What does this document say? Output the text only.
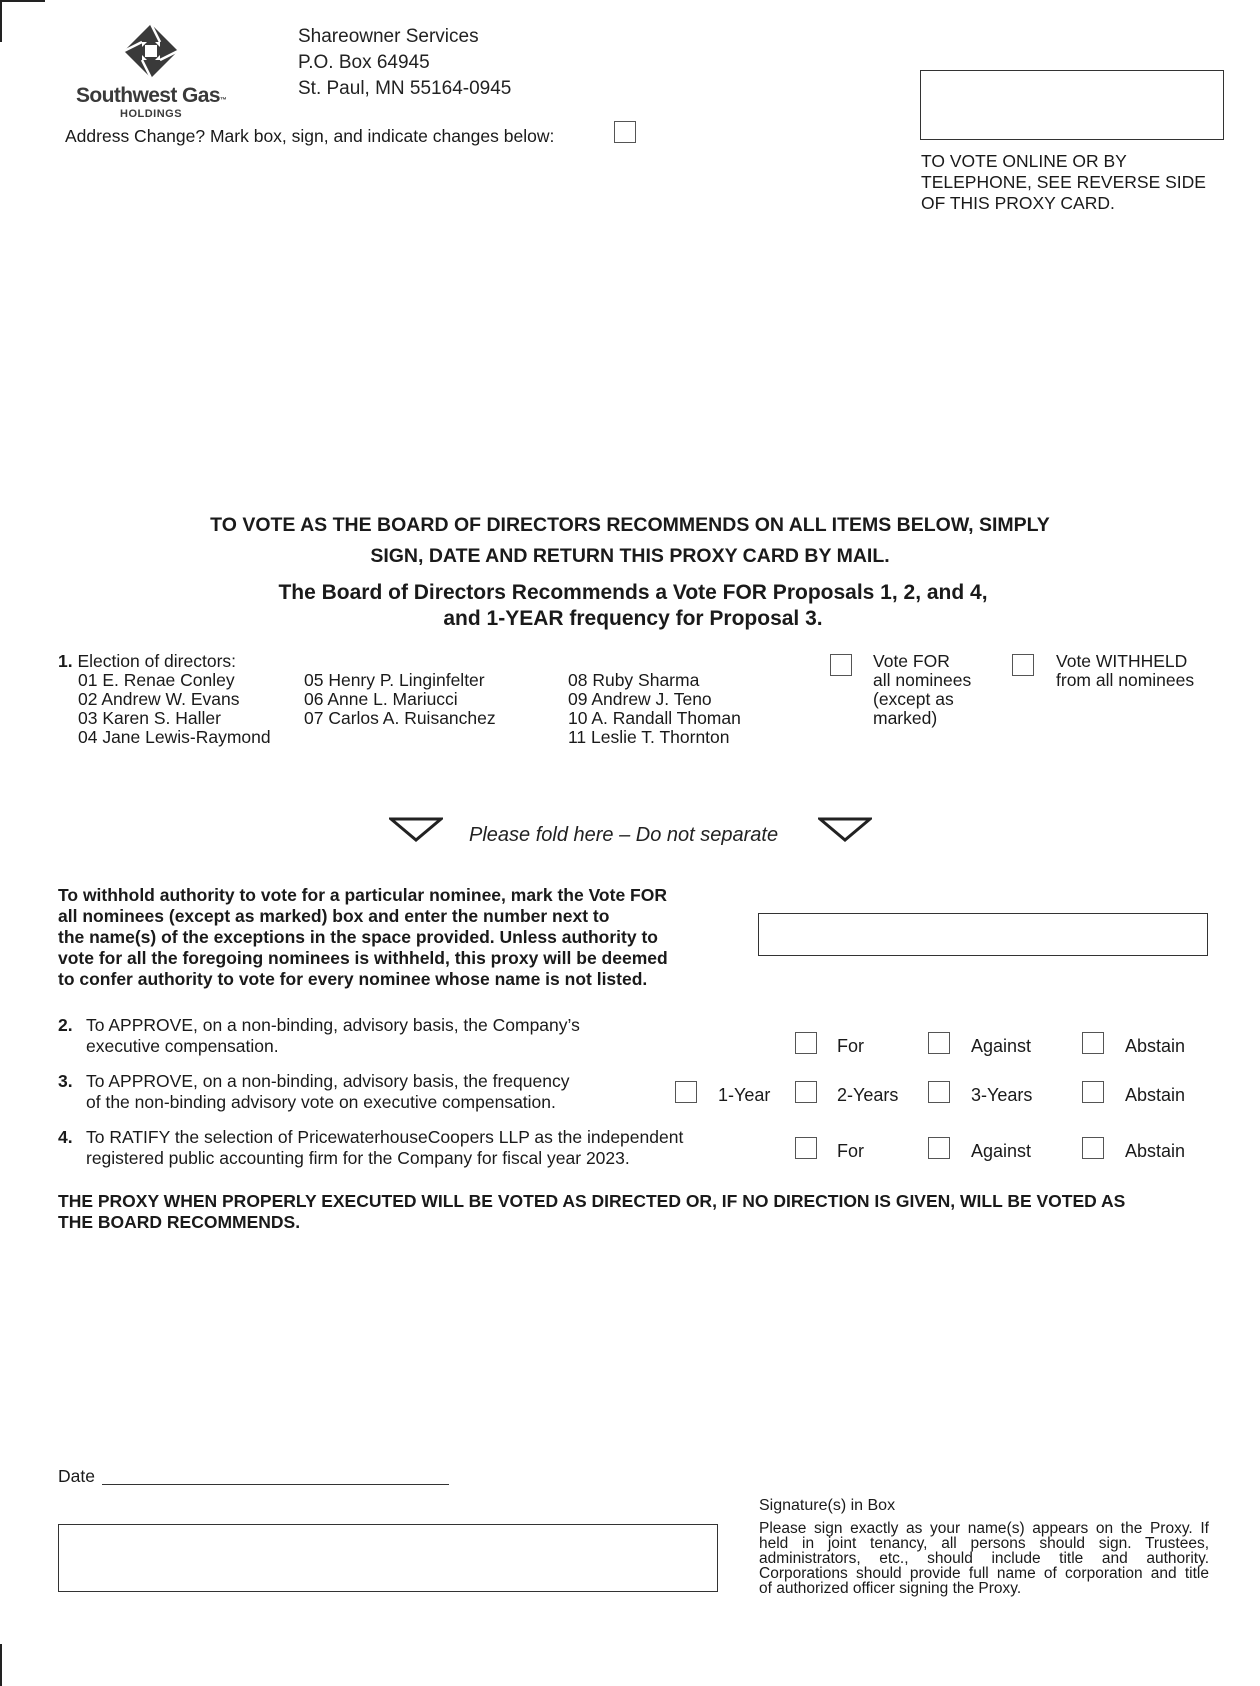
Southwest Gas™
HOLDINGS
Shareowner Services
P.O. Box 64945
St. Paul, MN 55164-0945
Address Change? Mark box, sign, and indicate changes below:
TO VOTE ONLINE OR BY
TELEPHONE, SEE REVERSE SIDE
OF THIS PROXY CARD.
TO VOTE AS THE BOARD OF DIRECTORS RECOMMENDS ON ALL ITEMS BELOW, SIMPLY
SIGN, DATE AND RETURN THIS PROXY CARD BY MAIL.
The Board of Directors Recommends a Vote FOR Proposals 1, 2, and 4,
and 1-YEAR frequency for Proposal 3.
1. Election of directors:
01 E. Renae Conley
02 Andrew W. Evans
03 Karen S. Haller
04 Jane Lewis-Raymond
05 Henry P. Linginfelter
06 Anne L. Mariucci
07 Carlos A. Ruisanchez
08 Ruby Sharma
09 Andrew J. Teno
10 A. Randall Thoman
11 Leslie T. Thornton
Vote FOR
all nominees
(except as
marked)
Vote WITHHELD
from all nominees
Please fold here – Do not separate
To withhold authority to vote for a particular nominee, mark the Vote FOR
all nominees (except as marked) box and enter the number next to
the name(s) of the exceptions in the space provided. Unless authority to
vote for all the foregoing nominees is withheld, this proxy will be deemed
to confer authority to vote for every nominee whose name is not listed.
2. To APPROVE, on a non-binding, advisory basis, the Company’s
executive compensation.	For	Against	Abstain
3. To APPROVE, on a non-binding, advisory basis, the frequency
of the non-binding advisory vote on executive compensation.	1-Year	2-Years	3-Years	Abstain
4. To RATIFY the selection of PricewaterhouseCoopers LLP as the independent
registered public accounting firm for the Company for fiscal year 2023.	For	Against	Abstain
THE PROXY WHEN PROPERLY EXECUTED WILL BE VOTED AS DIRECTED OR, IF NO DIRECTION IS GIVEN, WILL BE VOTED AS
THE BOARD RECOMMENDS.
Date
Signature(s) in Box
Please sign exactly as your name(s) appears on the Proxy. If
held in joint tenancy, all persons should sign. Trustees,
administrators, etc., should include title and authority.
Corporations should provide full name of corporation and title
of authorized officer signing the Proxy.
